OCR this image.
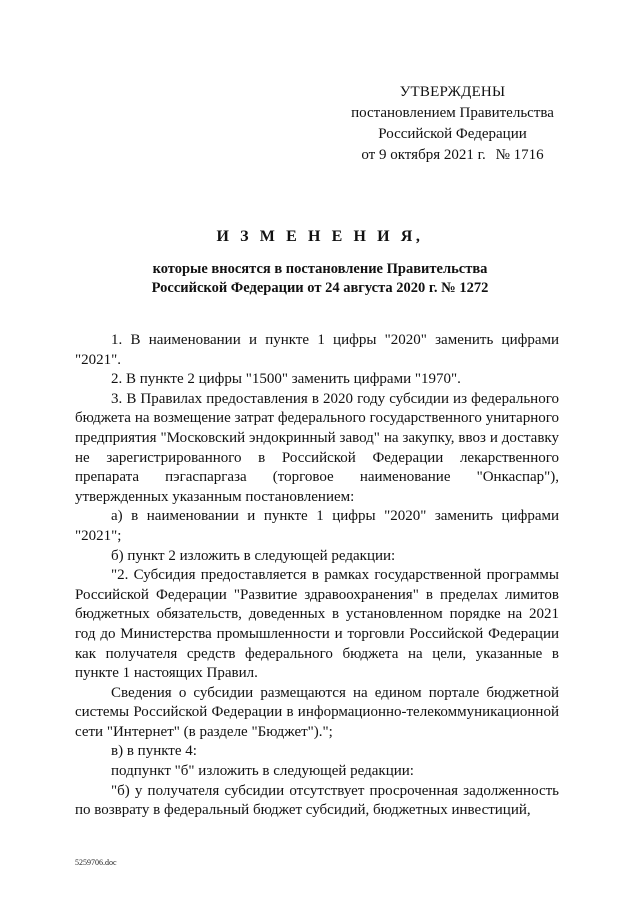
УТВЕРЖДЕНЫ
постановлением Правительства
Российской Федерации
от 9 октября 2021 г. № 1716
И З М Е Н Е Н И Я,
которые вносятся в постановление Правительства
Российской Федерации от 24 августа 2020 г. № 1272

1. В наименовании и пункте 1 цифры "2020" заменить цифрами "2021".

2. В пункте 2 цифры "1500" заменить цифрами "1970".

3. В Правилах предоставления в 2020 году субсидии из федерального бюджета на возмещение затрат федерального государственного унитарного предприятия "Московский эндокринный завод" на закупку, ввоз и доставку не зарегистрированного в Российской Федерации лекарственного препарата пэгаспаргаза (торговое наименование "Онкаспар"), утвержденных указанным постановлением:

а) в наименовании и пункте 1 цифры "2020" заменить цифрами "2021";

б) пункт 2 изложить в следующей редакции:

"2. Субсидия предоставляется в рамках государственной программы Российской Федерации "Развитие здравоохранения" в пределах лимитов бюджетных обязательств, доведенных в установленном порядке на 2021 год до Министерства промышленности и торговли Российской Федерации как получателя средств федерального бюджета на цели, указанные в пункте 1 настоящих Правил.

Сведения о субсидии размещаются на едином портале бюджетной системы Российской Федерации в информационно-телекоммуникационной сети "Интернет" (в разделе "Бюджет").";

в) в пункте 4:

подпункт "б" изложить в следующей редакции:

"б) у получателя субсидии отсутствует просроченная задолженность по возврату в федеральный бюджет субсидий, бюджетных инвестиций,

5259706.doc
